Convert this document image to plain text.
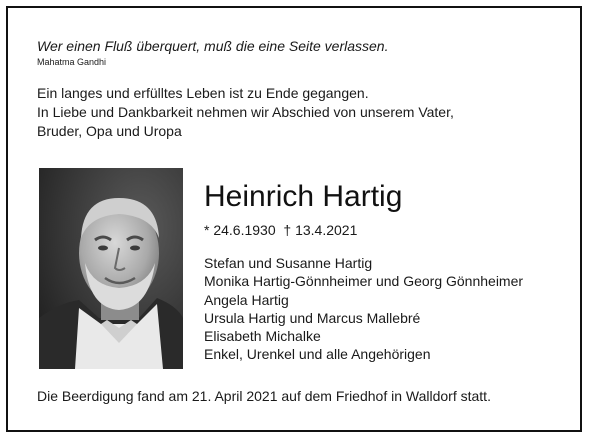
Wer einen Fluß überquert, muß die eine Seite verlassen.
Mahatma Gandhi
Ein langes und erfülltes Leben ist zu Ende gegangen.
In Liebe und Dankbarkeit nehmen wir Abschied von unserem Vater,
Bruder, Opa und Uropa
Heinrich Hartig
* 24.6.1930  † 13.4.2021
Stefan und Susanne Hartig
Monika Hartig-Gönnheimer und Georg Gönnheimer
Angela Hartig
Ursula Hartig und Marcus Mallebré
Elisabeth Michalke
Enkel, Urenkel und alle Angehörigen
Die Beerdigung fand am 21. April 2021 auf dem Friedhof in Walldorf statt.
